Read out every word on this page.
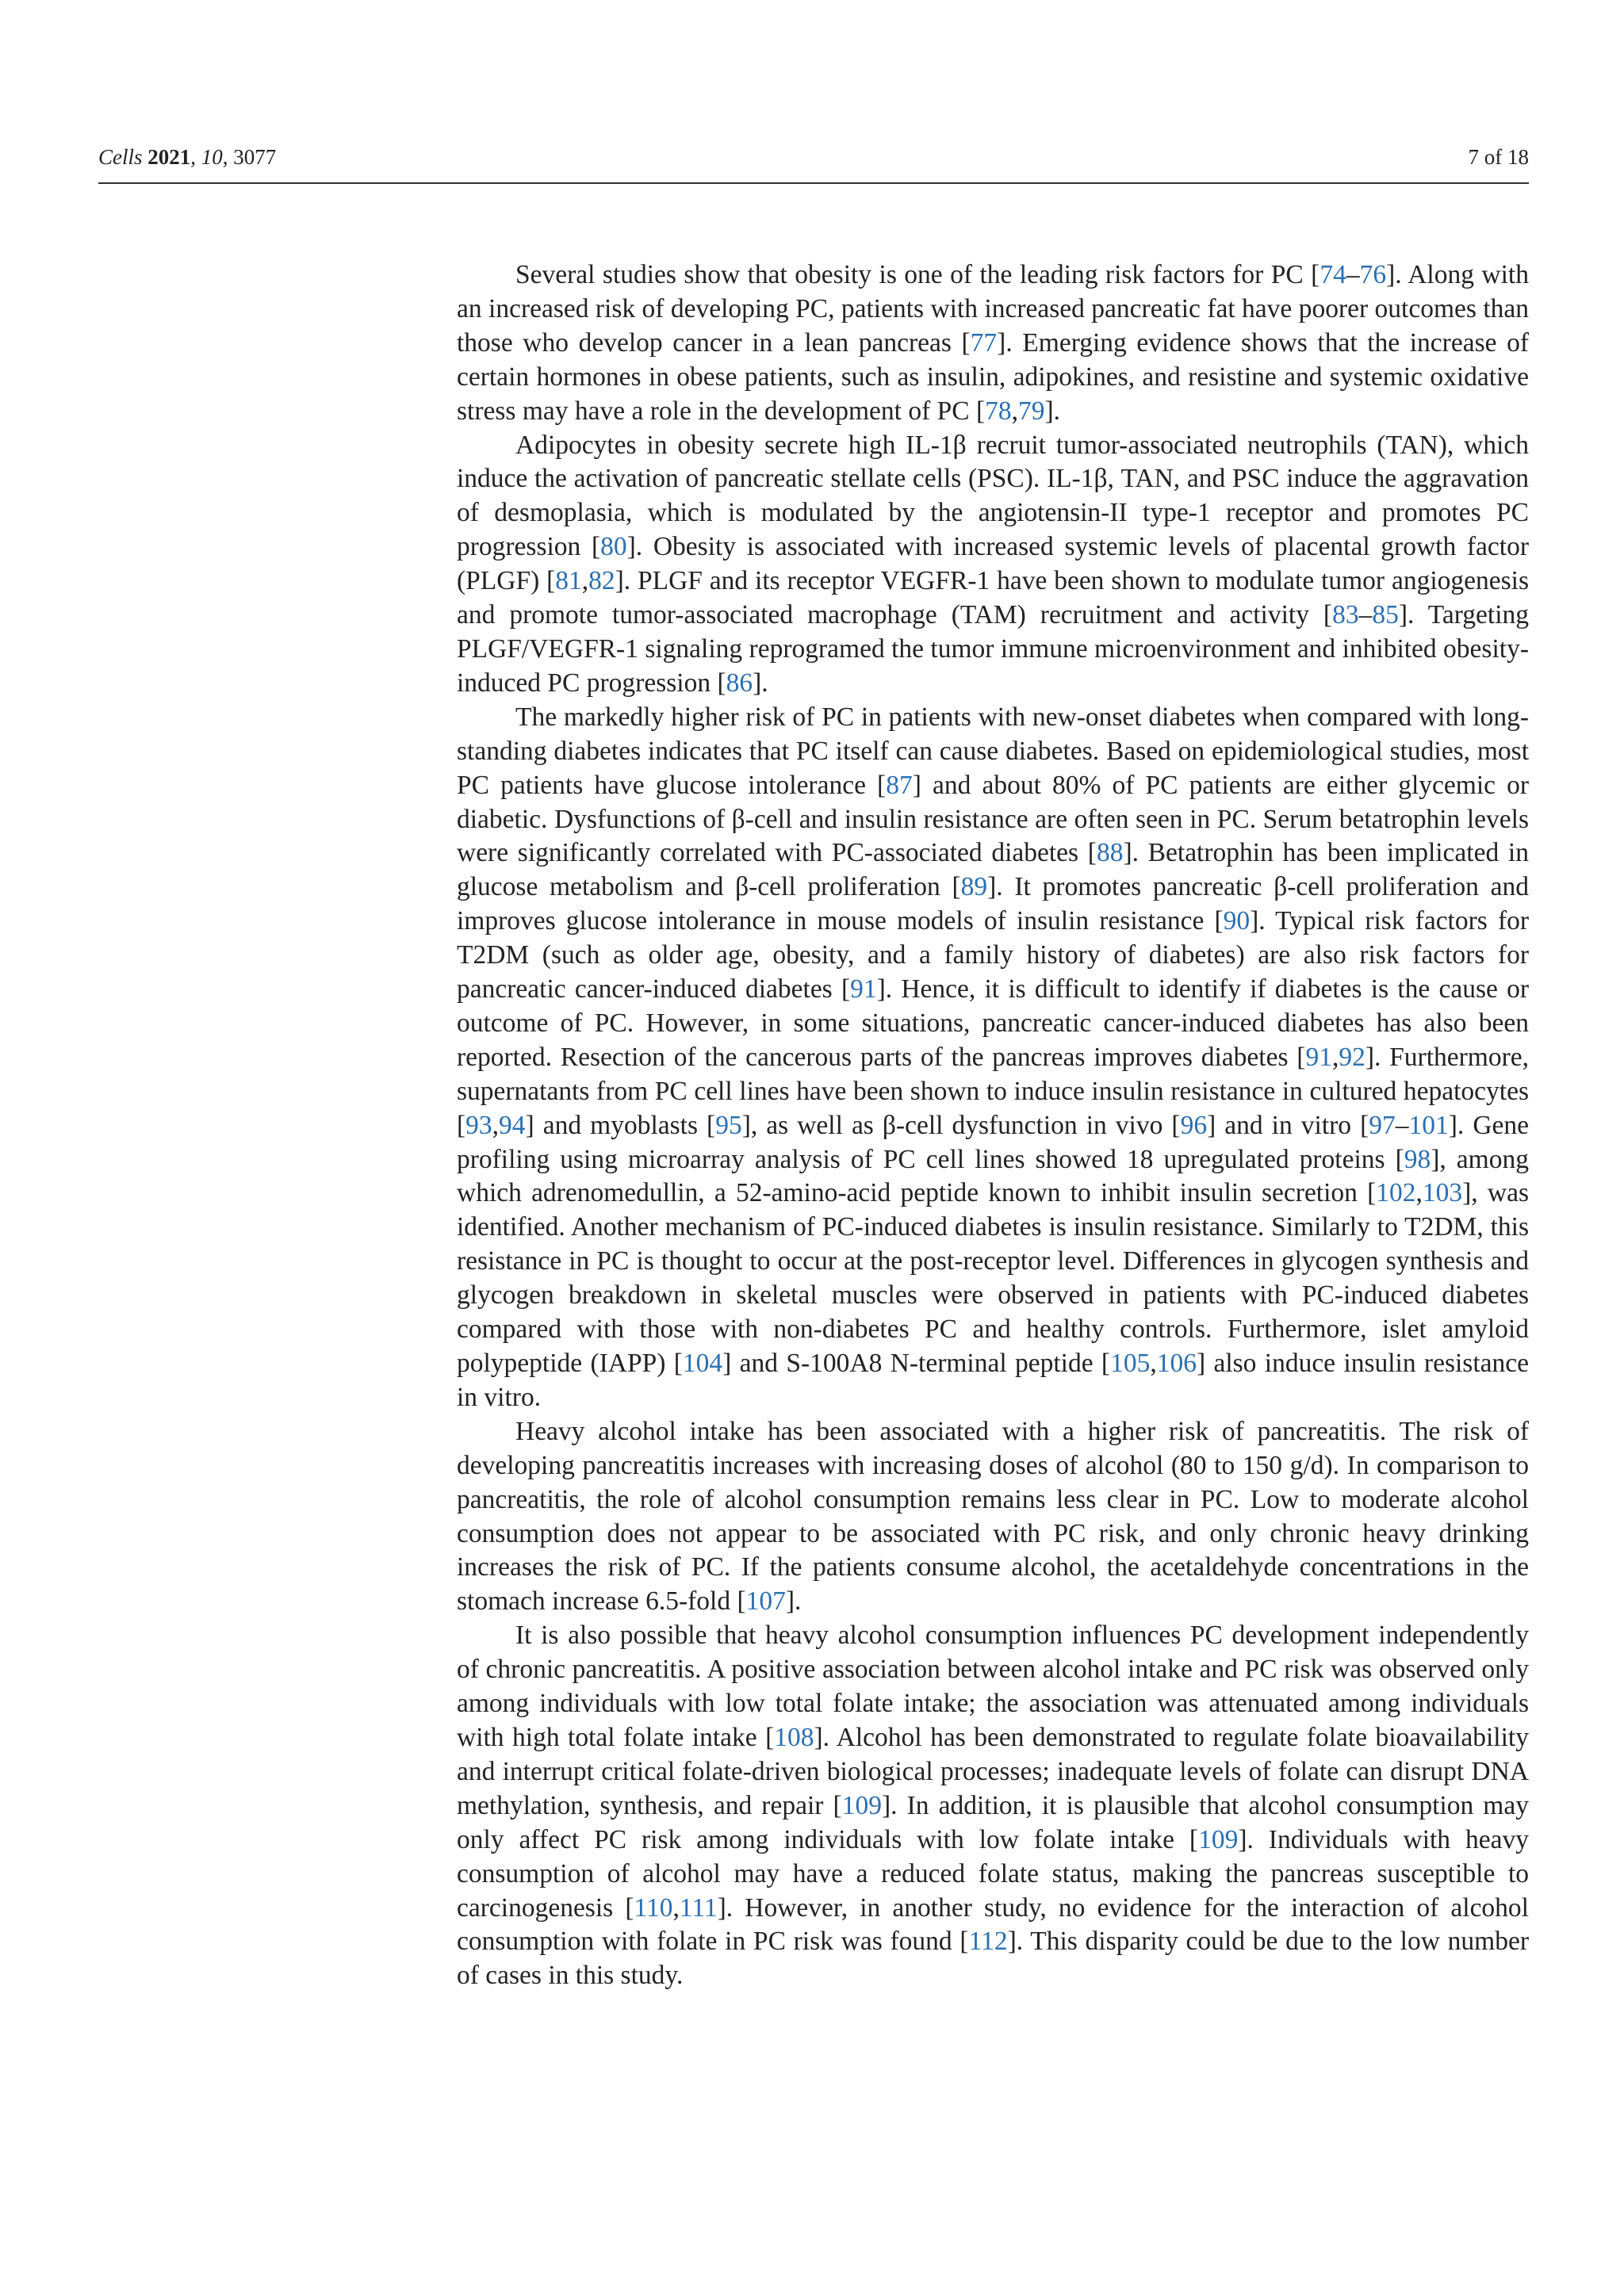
Cells 2021, 10, 3077	7 of 18

Several studies show that obesity is one of the leading risk factors for PC [74–76]. Along with an increased risk of developing PC, patients with increased pancreatic fat have poorer outcomes than those who develop cancer in a lean pancreas [77]. Emerging evidence shows that the increase of certain hormones in obese patients, such as insulin, adipokines, and resistine and systemic oxidative stress may have a role in the development of PC [78,79].

Adipocytes in obesity secrete high IL-1β recruit tumor-associated neutrophils (TAN), which induce the activation of pancreatic stellate cells (PSC). IL-1β, TAN, and PSC induce the aggravation of desmoplasia, which is modulated by the angiotensin-II type-1 receptor and promotes PC progression [80]. Obesity is associated with increased systemic levels of placental growth factor (PLGF) [81,82]. PLGF and its receptor VEGFR-1 have been shown to modulate tumor angiogenesis and promote tumor-associated macrophage (TAM) recruitment and activity [83–85]. Targeting PLGF/VEGFR-1 signaling reprogramed the tumor immune microenvironment and inhibited obesity-induced PC progression [86].

The markedly higher risk of PC in patients with new-onset diabetes when compared with long-standing diabetes indicates that PC itself can cause diabetes. Based on epidemiological studies, most PC patients have glucose intolerance [87] and about 80% of PC patients are either glycemic or diabetic. Dysfunctions of β-cell and insulin resistance are often seen in PC. Serum betatrophin levels were significantly correlated with PC-associated diabetes [88]. Betatrophin has been implicated in glucose metabolism and β-cell proliferation [89]. It promotes pancreatic β-cell proliferation and improves glucose intolerance in mouse models of insulin resistance [90]. Typical risk factors for T2DM (such as older age, obesity, and a family history of diabetes) are also risk factors for pancreatic cancer-induced diabetes [91]. Hence, it is difficult to identify if diabetes is the cause or outcome of PC. However, in some situations, pancreatic cancer-induced diabetes has also been reported. Resection of the cancerous parts of the pancreas improves diabetes [91,92]. Furthermore, supernatants from PC cell lines have been shown to induce insulin resistance in cultured hepatocytes [93,94] and myoblasts [95], as well as β-cell dysfunction in vivo [96] and in vitro [97–101]. Gene profiling using microarray analysis of PC cell lines showed 18 upregulated proteins [98], among which adrenomedullin, a 52-amino-acid peptide known to inhibit insulin secretion [102,103], was identified. Another mechanism of PC-induced diabetes is insulin resistance. Similarly to T2DM, this resistance in PC is thought to occur at the post-receptor level. Differences in glycogen synthesis and glycogen breakdown in skeletal muscles were observed in patients with PC-induced diabetes compared with those with non-diabetes PC and healthy controls. Furthermore, islet amyloid polypeptide (IAPP) [104] and S-100A8 N-terminal peptide [105,106] also induce insulin resistance in vitro.

Heavy alcohol intake has been associated with a higher risk of pancreatitis. The risk of developing pancreatitis increases with increasing doses of alcohol (80 to 150 g/d). In comparison to pancreatitis, the role of alcohol consumption remains less clear in PC. Low to moderate alcohol consumption does not appear to be associated with PC risk, and only chronic heavy drinking increases the risk of PC. If the patients consume alcohol, the acetaldehyde concentrations in the stomach increase 6.5-fold [107].

It is also possible that heavy alcohol consumption influences PC development independently of chronic pancreatitis. A positive association between alcohol intake and PC risk was observed only among individuals with low total folate intake; the association was attenuated among individuals with high total folate intake [108]. Alcohol has been demonstrated to regulate folate bioavailability and interrupt critical folate-driven biological processes; inadequate levels of folate can disrupt DNA methylation, synthesis, and repair [109]. In addition, it is plausible that alcohol consumption may only affect PC risk among individuals with low folate intake [109]. Individuals with heavy consumption of alcohol may have a reduced folate status, making the pancreas susceptible to carcinogenesis [110,111]. However, in another study, no evidence for the interaction of alcohol consumption with folate in PC risk was found [112]. This disparity could be due to the low number of cases in this study.
